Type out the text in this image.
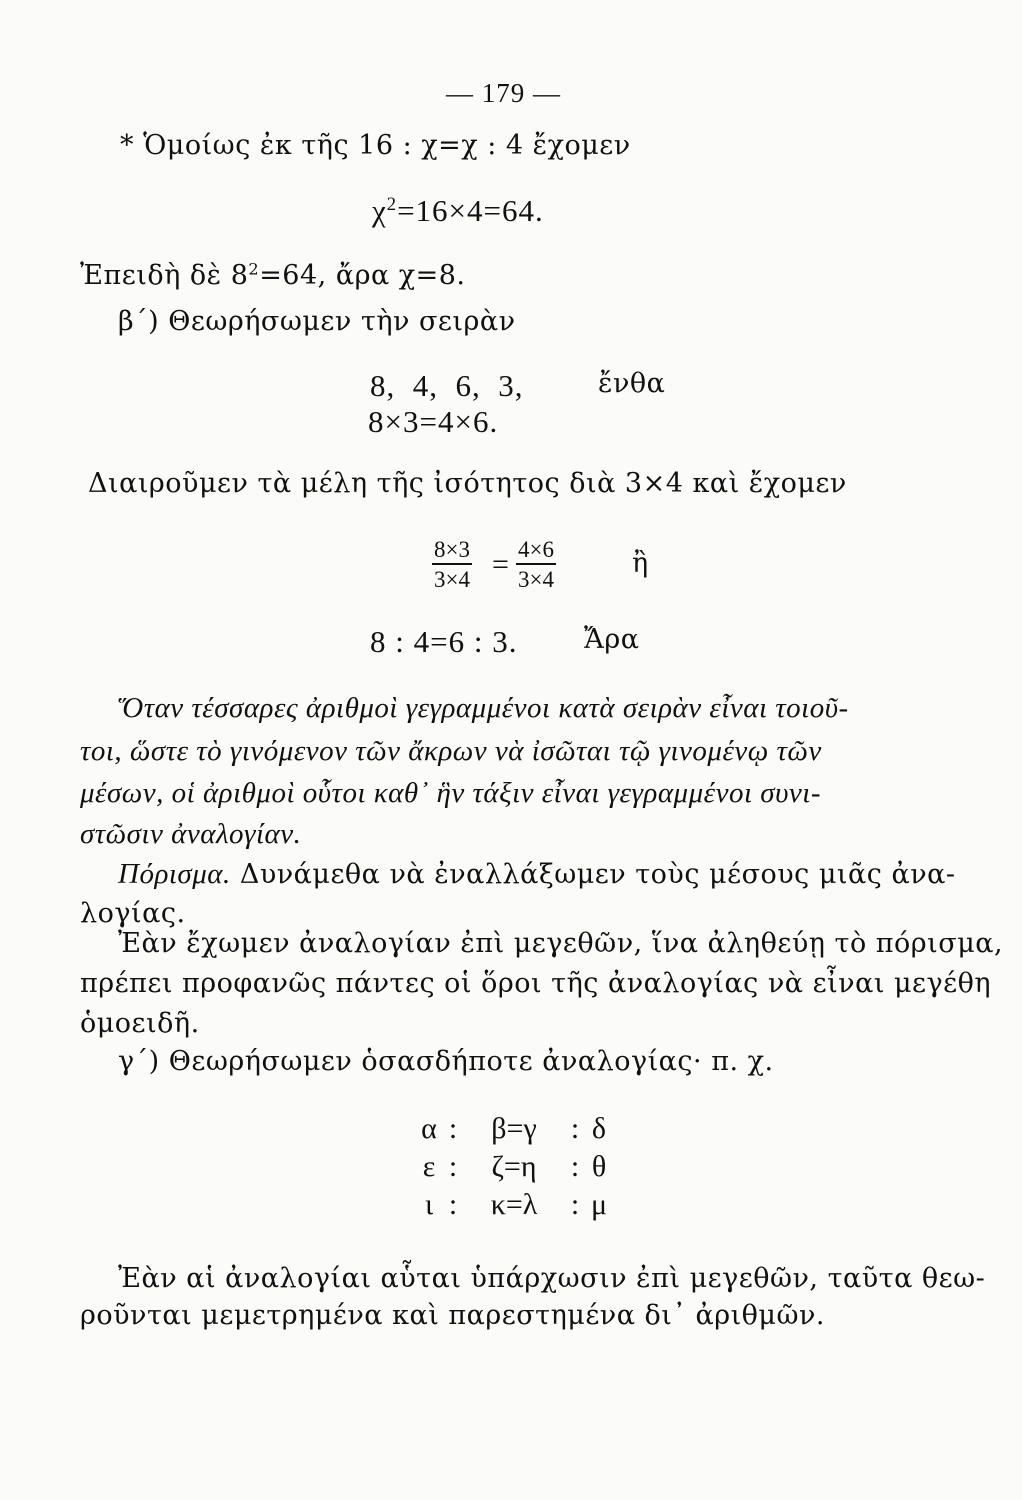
— 179 —
* Ὁμοίως ἐκ τῆς 16 : χ=χ : 4 ἔχομεν
$\chi^2=16\times 4=64$.
Ἐπειδὴ δὲ $8^2=64$, ἄρα χ=8.
β΄) Θεωρήσωμεν τὴν σειρὰν
8,  4,  6,  3,	ἔνθα
8×3=4×6.
Διαιροῦμεν τὰ μέλη τῆς ἰσότητος διὰ 3×4 καὶ ἔχομεν
$\frac{8\times 3}{3\times 4} = \frac{4\times 6}{3\times 4}$	ἢ
8 : 4=6 : 3. Ἄρα
Ὅταν τέσσαρες ἀριθμοὶ γεγραμμένοι κατὰ σειρὰν εἶναι τοιοῦ-
τοι, ὥστε τὸ γινόμενον τῶν ἄκρων νὰ ἰσῶται τῷ γινομένῳ τῶν
μέσων, οἱ ἀριθμοὶ οὗτοι καθ᾽ ἣν τάξιν εἶναι γεγραμμένοι συνι-
στῶσιν ἀναλογίαν.
Πόρισμα. Δυνάμεθα νὰ ἐναλλάξωμεν τοὺς μέσους μιᾶς ἀνα-
λογίας.
Ἐὰν ἔχωμεν ἀναλογίαν ἐπὶ μεγεθῶν, ἵνα ἀληθεύῃ τὸ πόρισμα,
πρέπει προφανῶς πάντες οἱ ὅροι τῆς ἀναλογίας νὰ εἶναι μεγέθη
ὁμοειδῆ.
γ΄) Θεωρήσωμεν ὁσασδήποτε ἀναλογίας· π. χ.
α : β=γ : δ
ε : ζ=η : θ
ι : κ=λ : μ
Ἐὰν αἱ ἀναλογίαι αὗται ὑπάρχωσιν ἐπὶ μεγεθῶν, ταῦτα θεω-
ροῦνται μεμετρημένα καὶ παρεστημένα δι᾽ ἀριθμῶν.
